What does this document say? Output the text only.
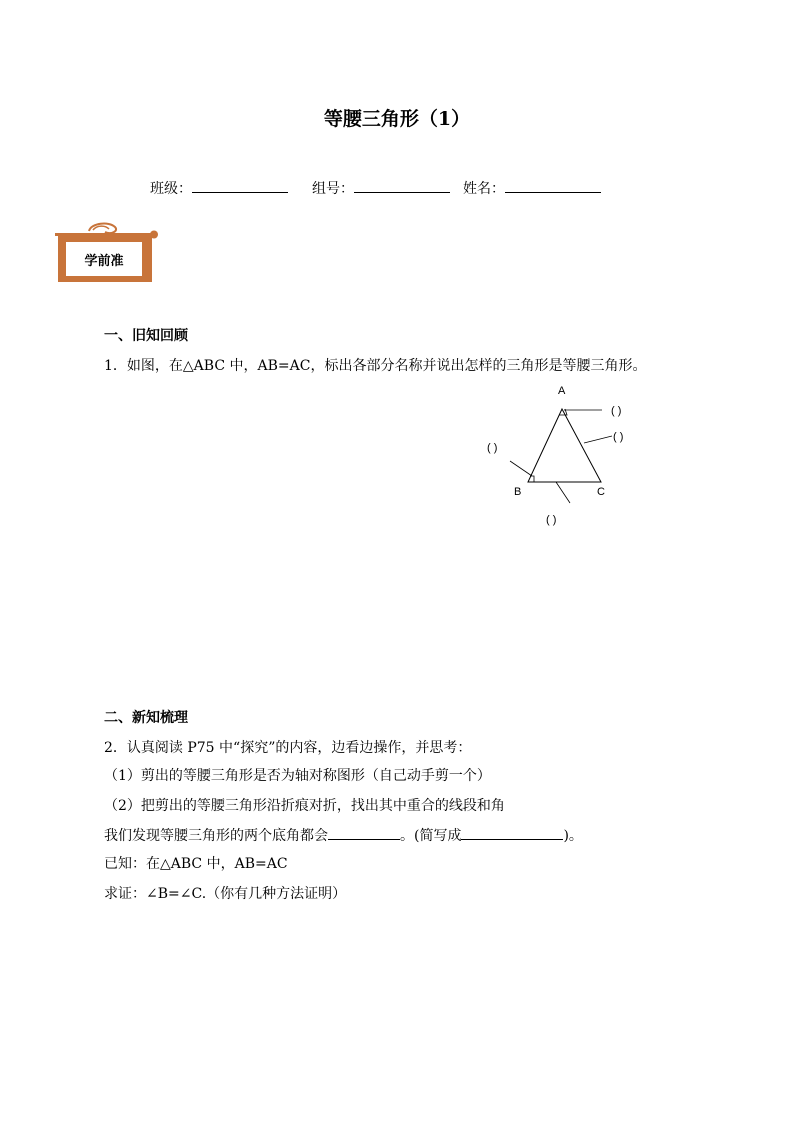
等腰三角形（1）
班级：	组号：	姓名：
学前准
一、旧知回顾
1．如图，在△ABC 中，AB=AC，标出各部分名称并说出怎样的三角形是等腰三角形。
A
B	C
( )
( )
( )
( )
二、新知梳理
2．认真阅读 P75 中“探究”的内容，边看边操作，并思考：
（1）剪出的等腰三角形是否为轴对称图形（自己动手剪一个）
（2）把剪出的等腰三角形沿折痕对折，找出其中重合的线段和角
我们发现等腰三角形的两个底角都会	。(简写成	)。
已知：在△ABC 中，AB=AC
求证：∠B=∠C.（你有几种方法证明）
